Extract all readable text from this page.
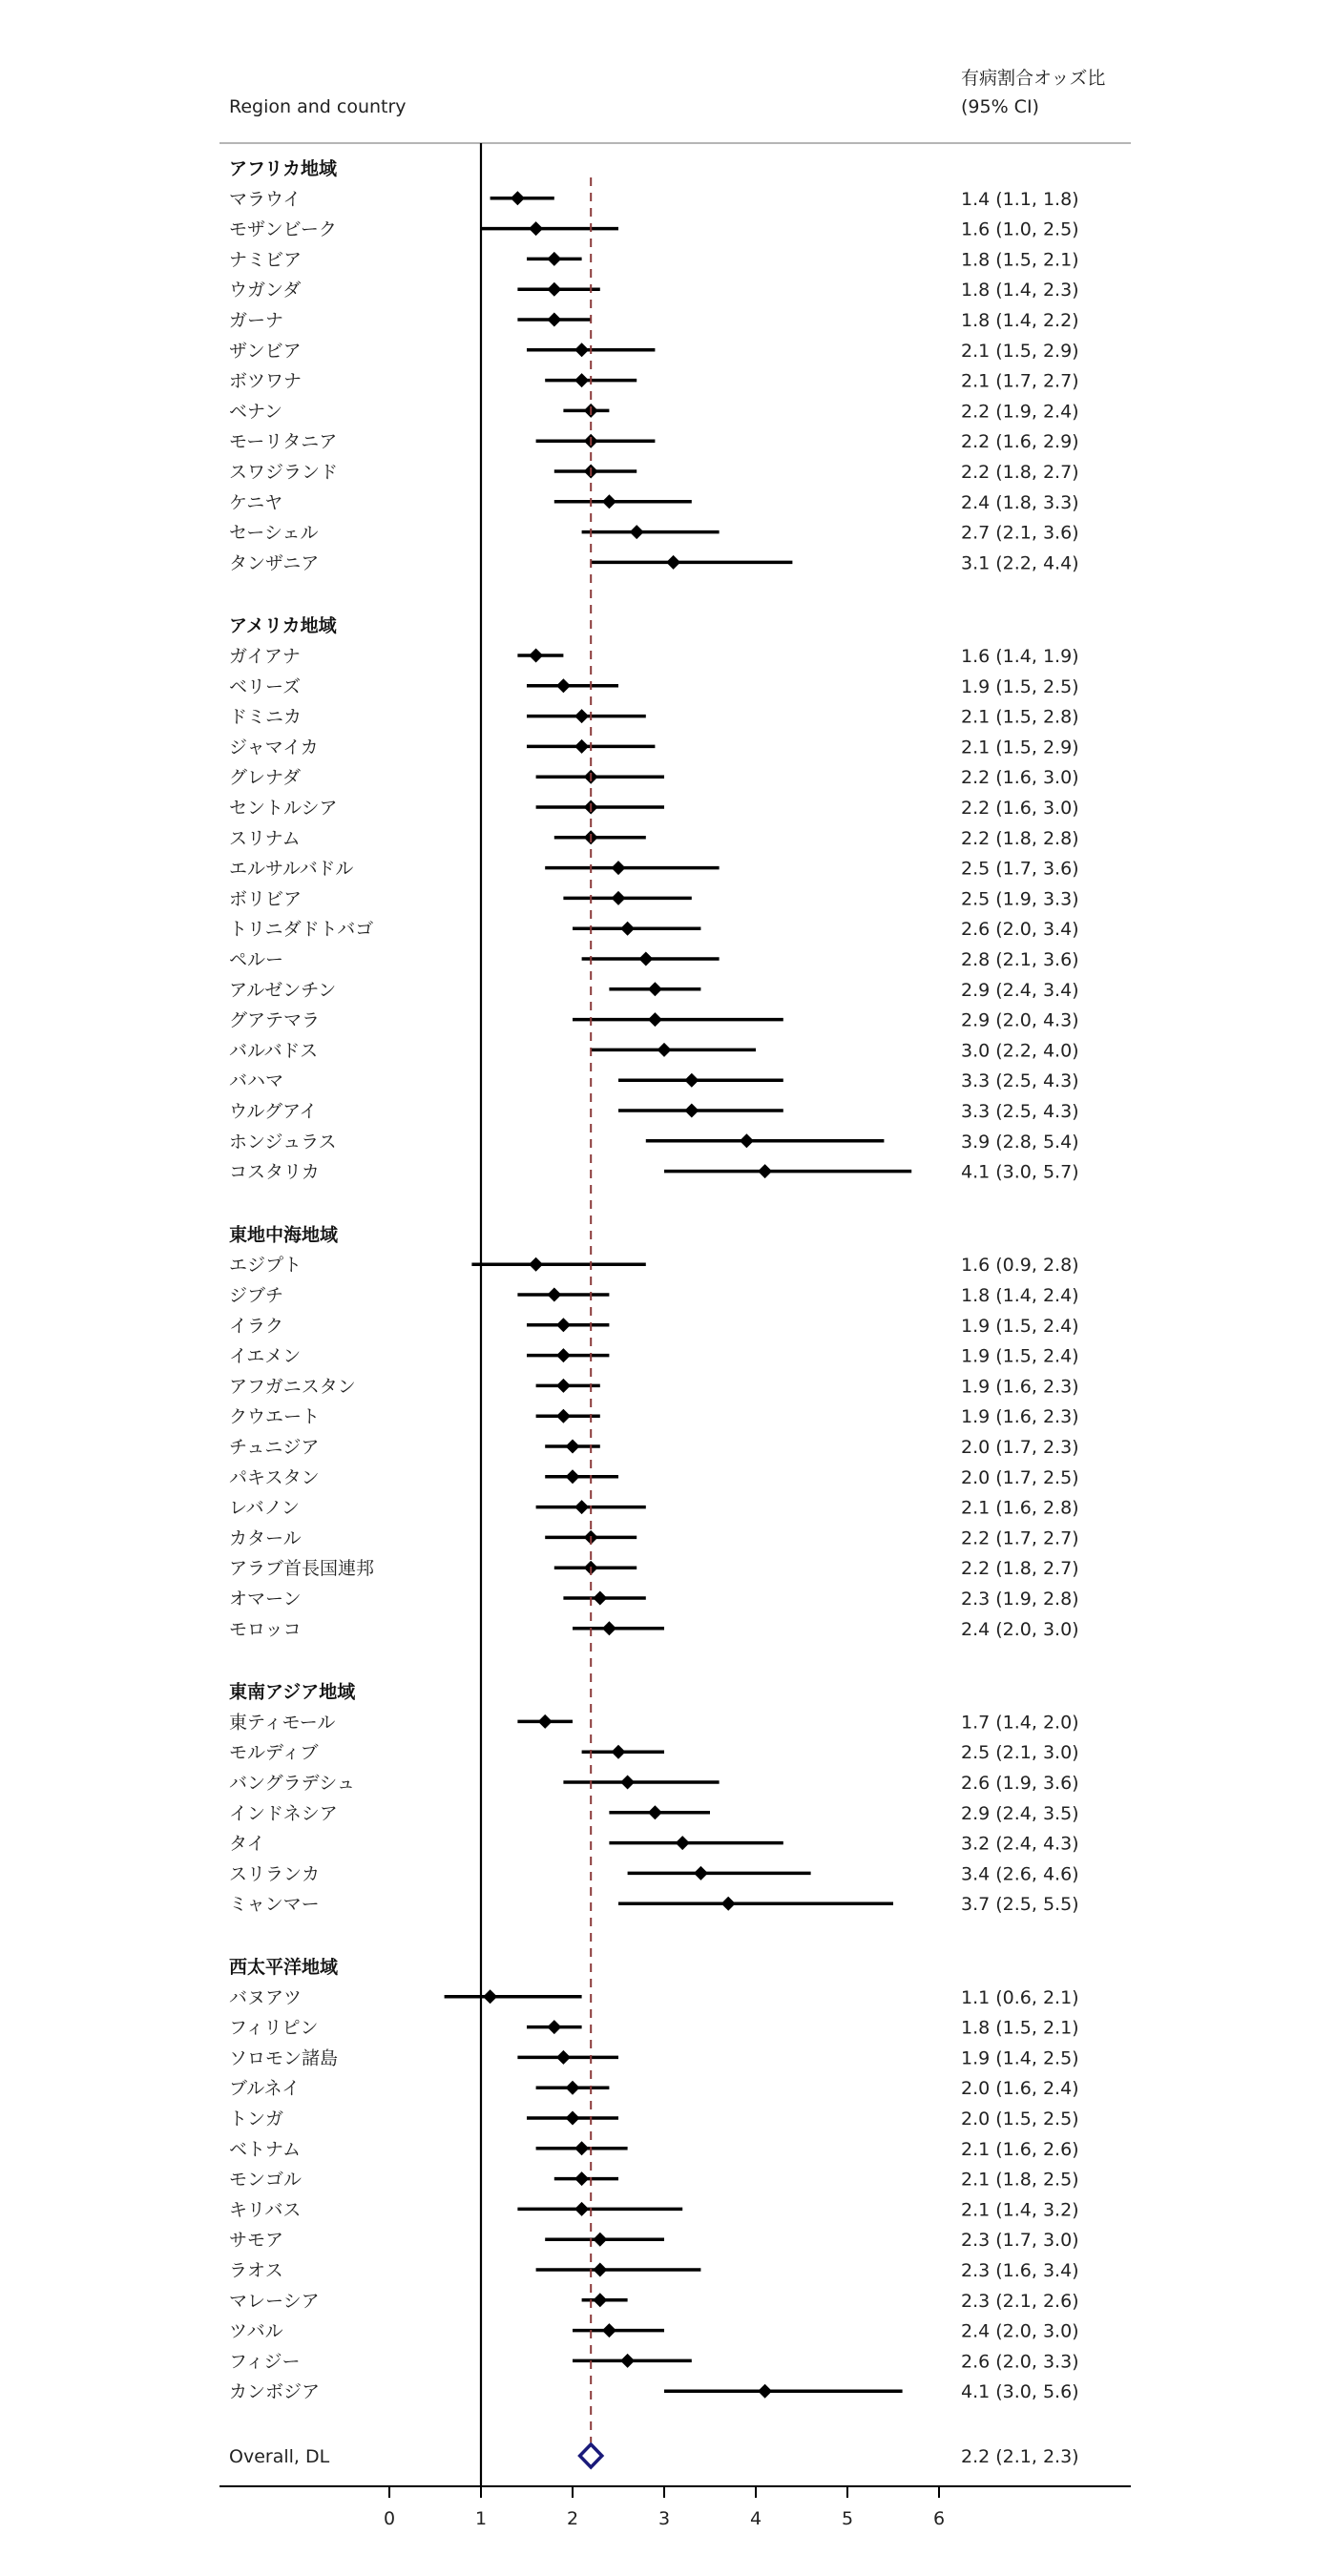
Region and country
有病割合オッズ比
(95% CI)
アフリカ地域
マラウイ	1.4 (1.1, 1.8)
モザンビーク	1.6 (1.0, 2.5)
ナミビア	1.8 (1.5, 2.1)
ウガンダ	1.8 (1.4, 2.3)
ガーナ	1.8 (1.4, 2.2)
ザンビア	2.1 (1.5, 2.9)
ボツワナ	2.1 (1.7, 2.7)
ベナン	2.2 (1.9, 2.4)
モーリタニア	2.2 (1.6, 2.9)
スワジランド	2.2 (1.8, 2.7)
ケニヤ	2.4 (1.8, 3.3)
セーシェル	2.7 (2.1, 3.6)
タンザニア	3.1 (2.2, 4.4)
アメリカ地域
ガイアナ	1.6 (1.4, 1.9)
ベリーズ	1.9 (1.5, 2.5)
ドミニカ	2.1 (1.5, 2.8)
ジャマイカ	2.1 (1.5, 2.9)
グレナダ	2.2 (1.6, 3.0)
セントルシア	2.2 (1.6, 3.0)
スリナム	2.2 (1.8, 2.8)
エルサルバドル	2.5 (1.7, 3.6)
ボリビア	2.5 (1.9, 3.3)
トリニダドトバゴ	2.6 (2.0, 3.4)
ペルー	2.8 (2.1, 3.6)
アルゼンチン	2.9 (2.4, 3.4)
グアテマラ	2.9 (2.0, 4.3)
バルバドス	3.0 (2.2, 4.0)
バハマ	3.3 (2.5, 4.3)
ウルグアイ	3.3 (2.5, 4.3)
ホンジュラス	3.9 (2.8, 5.4)
コスタリカ	4.1 (3.0, 5.7)
東地中海地域
エジプト	1.6 (0.9, 2.8)
ジブチ	1.8 (1.4, 2.4)
イラク	1.9 (1.5, 2.4)
イエメン	1.9 (1.5, 2.4)
アフガニスタン	1.9 (1.6, 2.3)
クウエート	1.9 (1.6, 2.3)
チュニジア	2.0 (1.7, 2.3)
パキスタン	2.0 (1.7, 2.5)
レバノン	2.1 (1.6, 2.8)
カタール	2.2 (1.7, 2.7)
アラブ首長国連邦	2.2 (1.8, 2.7)
オマーン	2.3 (1.9, 2.8)
モロッコ	2.4 (2.0, 3.0)
東南アジア地域
東ティモール	1.7 (1.4, 2.0)
モルディブ	2.5 (2.1, 3.0)
バングラデシュ	2.6 (1.9, 3.6)
インドネシア	2.9 (2.4, 3.5)
タイ	3.2 (2.4, 4.3)
スリランカ	3.4 (2.6, 4.6)
ミャンマー	3.7 (2.5, 5.5)
西太平洋地域
バヌアツ	1.1 (0.6, 2.1)
フィリピン	1.8 (1.5, 2.1)
ソロモン諸島	1.9 (1.4, 2.5)
ブルネイ	2.0 (1.6, 2.4)
トンガ	2.0 (1.5, 2.5)
ベトナム	2.1 (1.6, 2.6)
モンゴル	2.1 (1.8, 2.5)
キリバス	2.1 (1.4, 3.2)
サモア	2.3 (1.7, 3.0)
ラオス	2.3 (1.6, 3.4)
マレーシア	2.3 (2.1, 2.6)
ツバル	2.4 (2.0, 3.0)
フィジー	2.6 (2.0, 3.3)
カンボジア	4.1 (3.0, 5.6)
Overall, DL	2.2 (2.1, 2.3)
0	1	2	3	4	5	6
